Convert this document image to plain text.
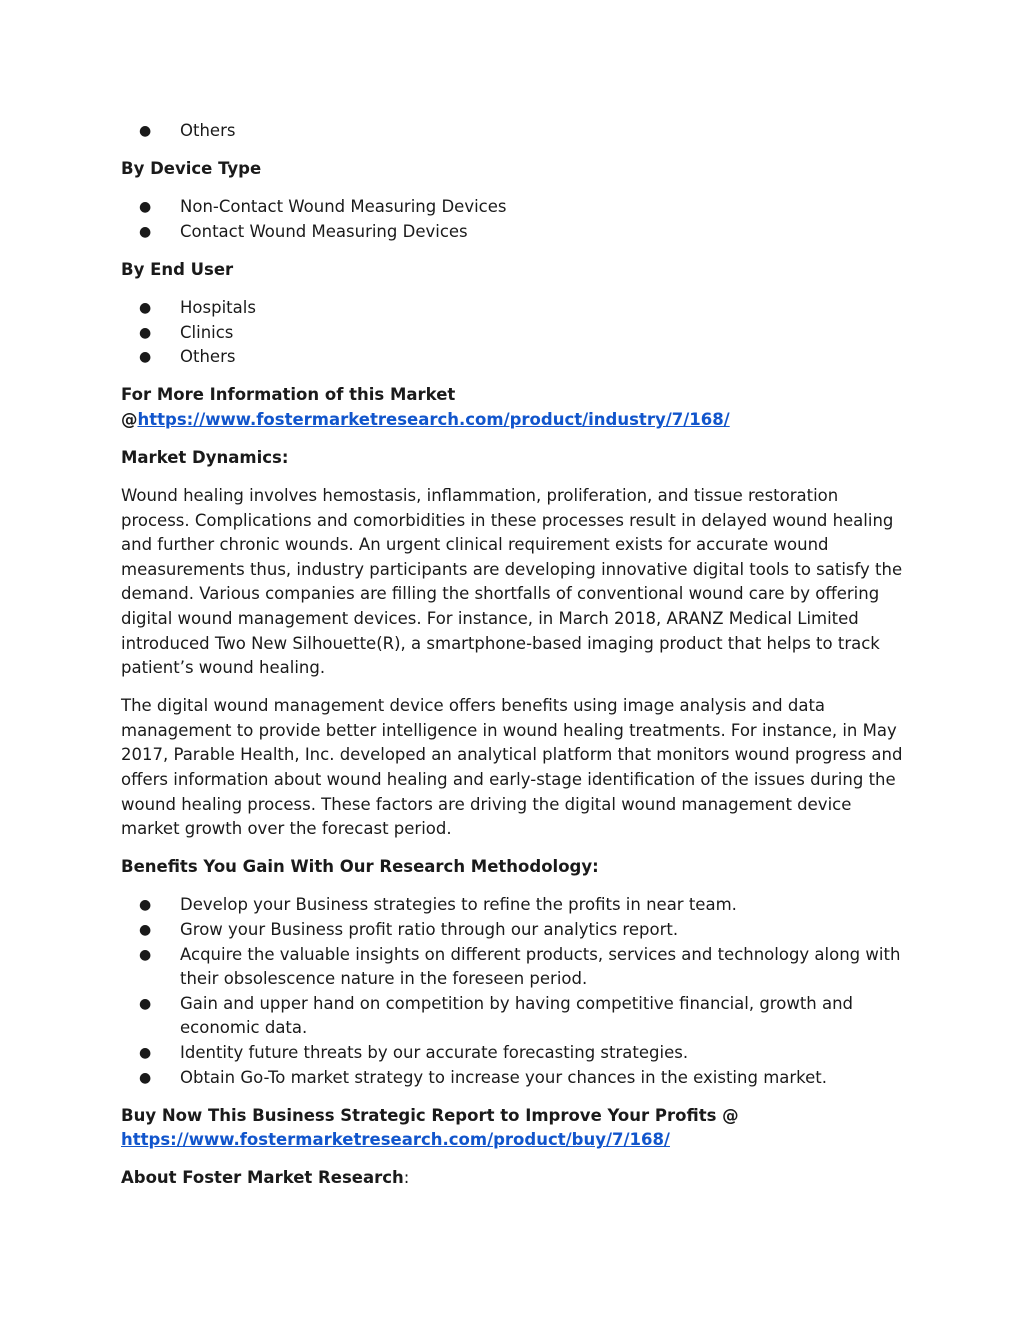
● Others

By Device Type

● Non-Contact Wound Measuring Devices
● Contact Wound Measuring Devices

By End User

● Hospitals
● Clinics
● Others

For More Information of this Market
@https://www.fostermarketresearch.com/product/industry/7/168/

Market Dynamics:

Wound healing involves hemostasis, inflammation, proliferation, and tissue restoration process. Complications and comorbidities in these processes result in delayed wound healing and further chronic wounds. An urgent clinical requirement exists for accurate wound measurements thus, industry participants are developing innovative digital tools to satisfy the demand. Various companies are filling the shortfalls of conventional wound care by offering digital wound management devices. For instance, in March 2018, ARANZ Medical Limited introduced Two New Silhouette(R), a smartphone-based imaging product that helps to track patient’s wound healing.

The digital wound management device offers benefits using image analysis and data management to provide better intelligence in wound healing treatments. For instance, in May 2017, Parable Health, Inc. developed an analytical platform that monitors wound progress and offers information about wound healing and early-stage identification of the issues during the wound healing process. These factors are driving the digital wound management device market growth over the forecast period.

Benefits You Gain With Our Research Methodology:

● Develop your Business strategies to refine the profits in near team.
● Grow your Business profit ratio through our analytics report.
● Acquire the valuable insights on different products, services and technology along with their obsolescence nature in the foreseen period.
● Gain and upper hand on competition by having competitive financial, growth and economic data.
● Identity future threats by our accurate forecasting strategies.
● Obtain Go-To market strategy to increase your chances in the existing market.

Buy Now This Business Strategic Report to Improve Your Profits @
https://www.fostermarketresearch.com/product/buy/7/168/

About Foster Market Research:
